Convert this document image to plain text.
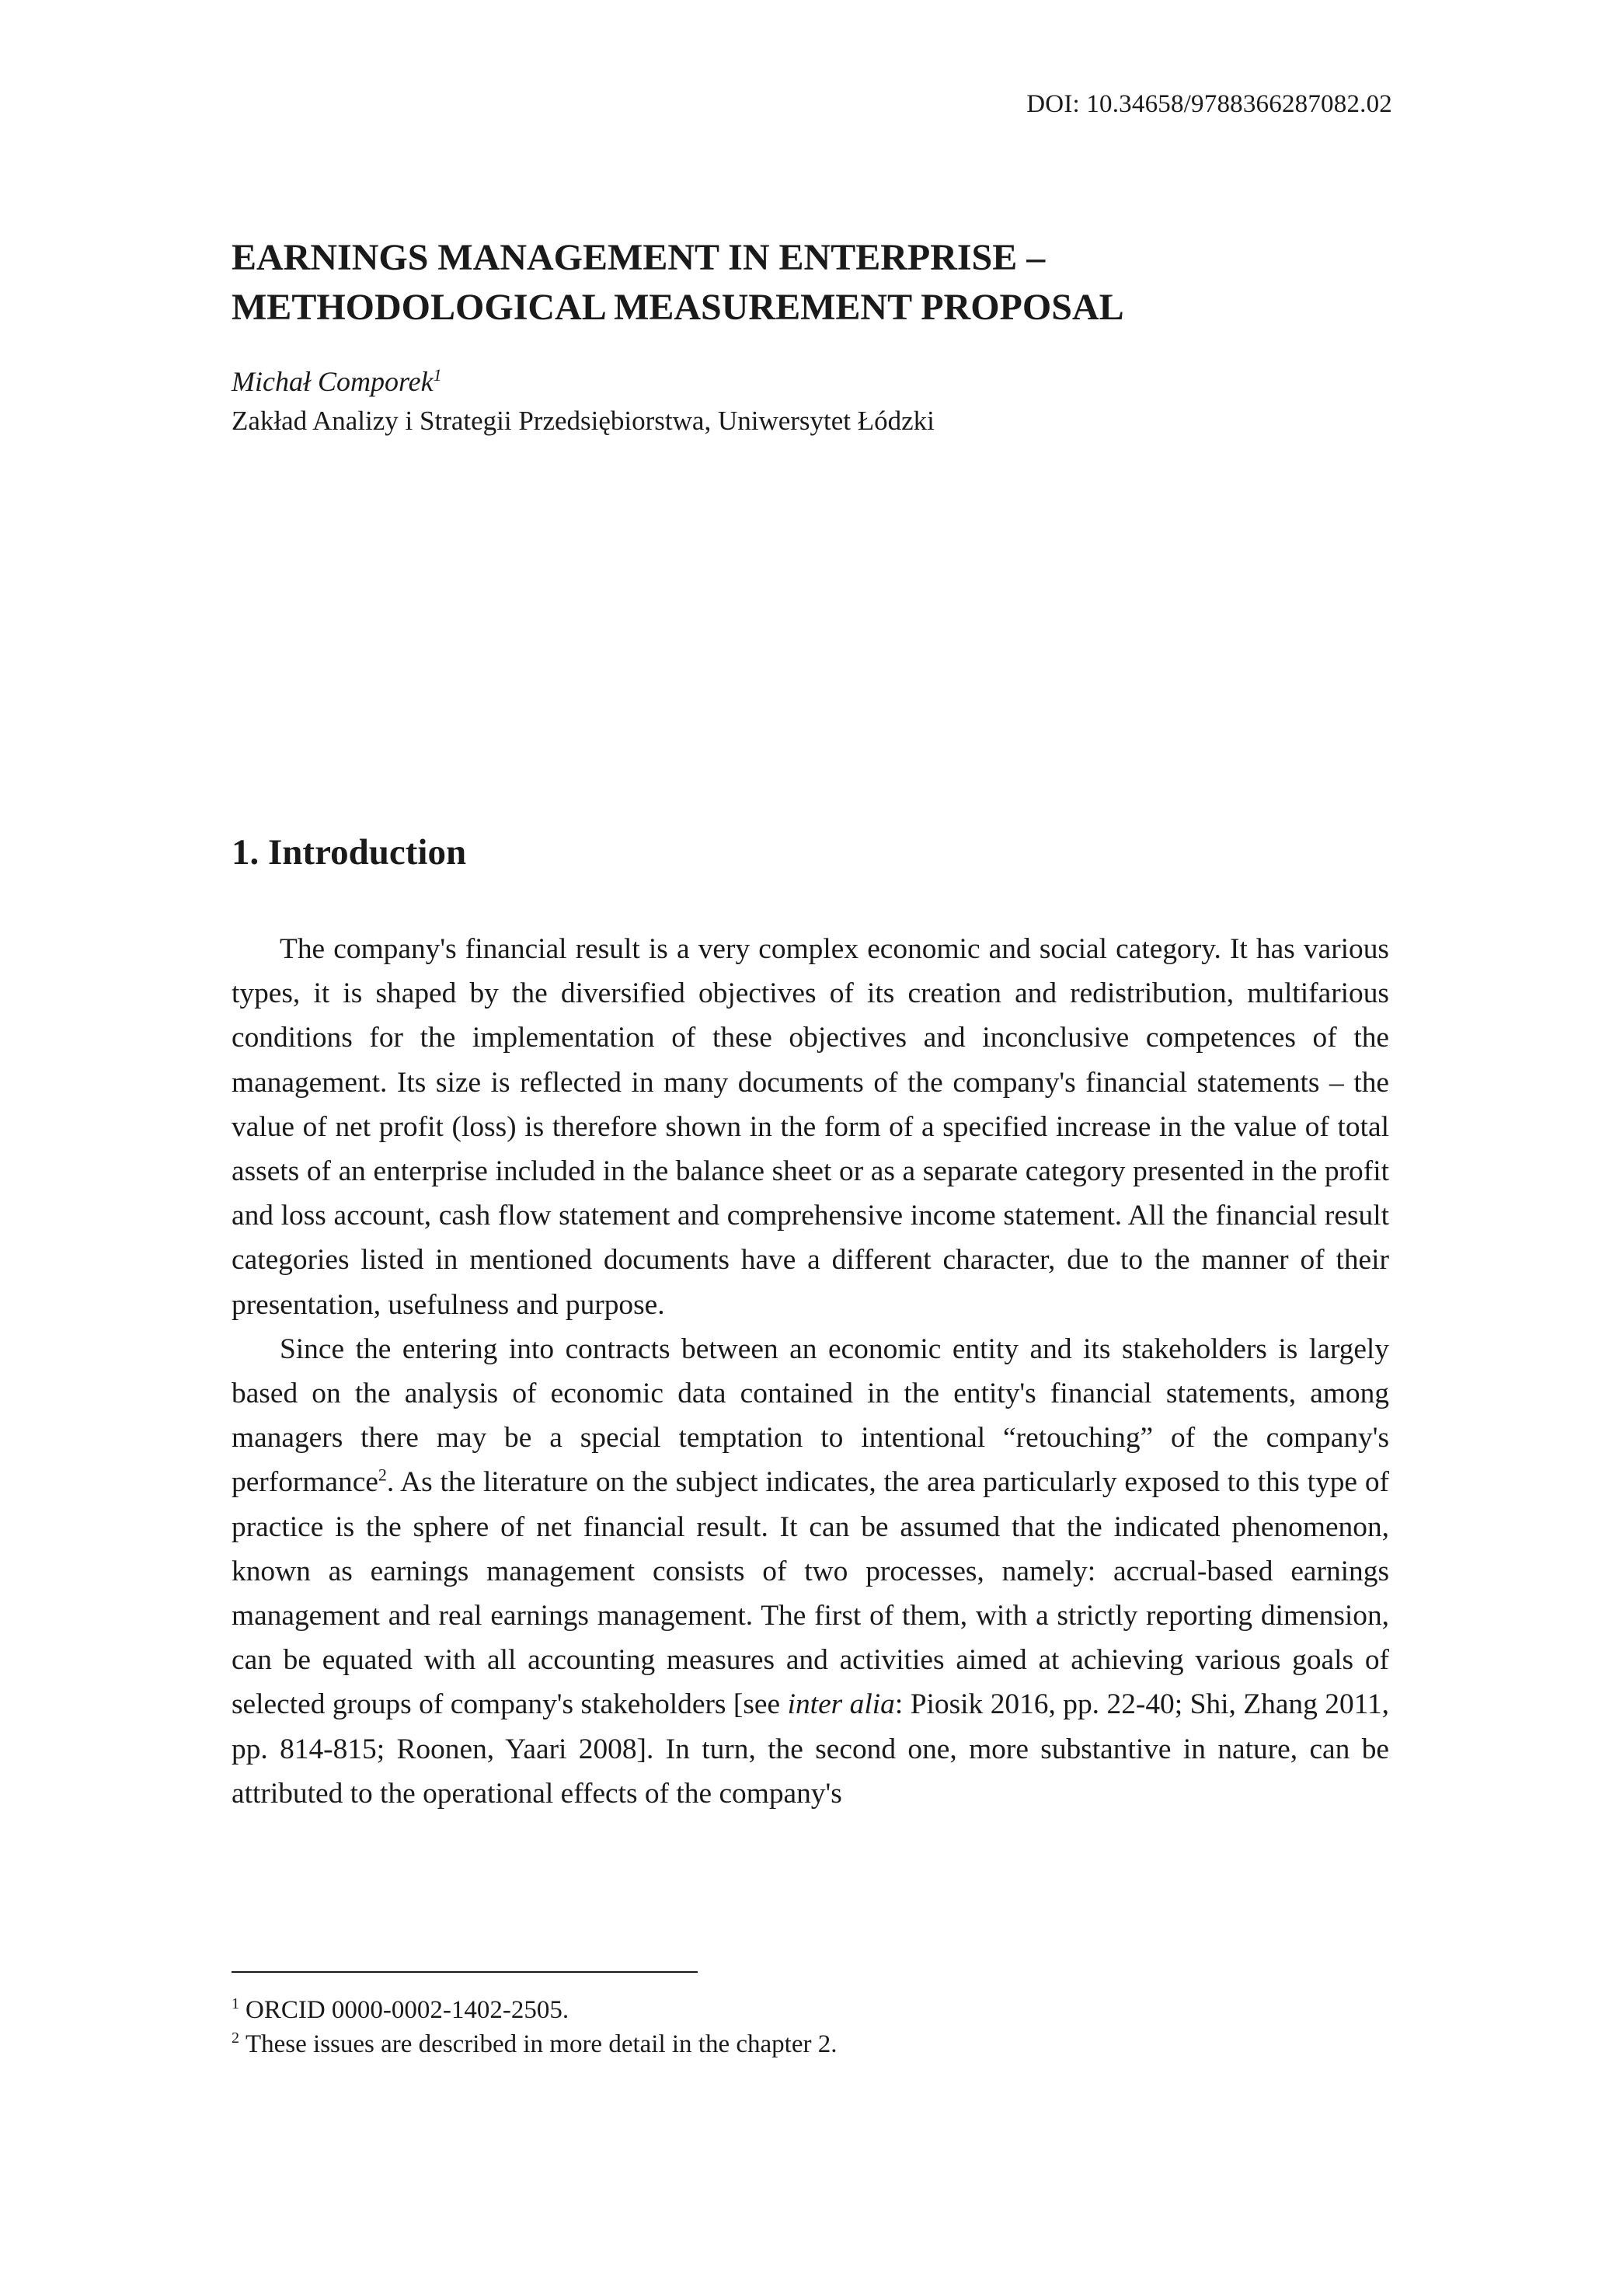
DOI: 10.34658/9788366287082.02
EARNINGS MANAGEMENT IN ENTERPRISE –
METHODOLOGICAL MEASUREMENT PROPOSAL

Michał Comporek$^1$

Zakład Analizy i Strategii Przedsiębiorstwa, Uniwersytet Łódzki

1. Introduction

The company's financial result is a very complex economic and social category. It has various types, it is shaped by the diversified objectives of its creation and redistribution, multifarious conditions for the implementation of these objectives and inconclusive competences of the management. Its size is reflected in many documents of the company's financial statements – the value of net profit (loss) is therefore shown in the form of a specified increase in the value of total assets of an enterprise included in the balance sheet or as a separate category presented in the profit and loss account, cash flow statement and comprehensive income statement. All the financial result categories listed in mentioned documents have a different character, due to the manner of their presentation, usefulness and purpose.

Since the entering into contracts between an economic entity and its stakeholders is largely based on the analysis of economic data contained in the entity's financial statements, among managers there may be a special temptation to intentional “retouching” of the company's performance$^2$. As the literature on the subject indicates, the area particularly exposed to this type of practice is the sphere of net financial result. It can be assumed that the indicated phenomenon, known as earnings management consists of two processes, namely: accrual-based earnings management and real earnings management. The first of them, with a strictly reporting dimension, can be equated with all accounting measures and activities aimed at achieving various goals of selected groups of company's stakeholders [see inter alia: Piosik 2016, pp. 22-40; Shi, Zhang 2011, pp. 814-815; Roonen, Yaari 2008]. In turn, the second one, more substantive in nature, can be attributed to the operational effects of the company's

$^1$ ORCID 0000-0002-1402-2505.
$^2$ These issues are described in more detail in the chapter 2.
